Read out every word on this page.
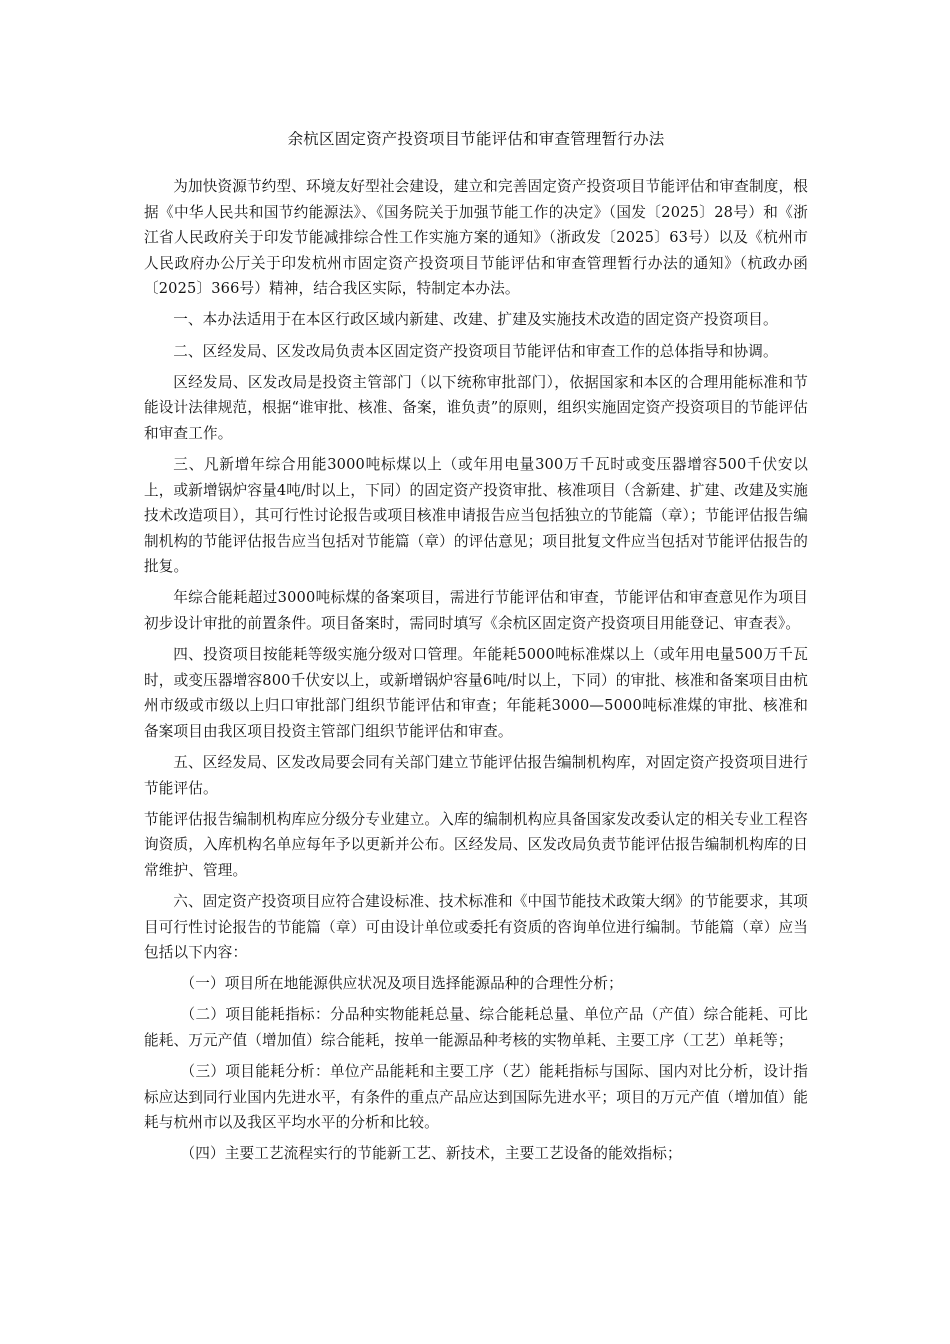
余杭区固定资产投资项目节能评估和审查管理暂行办法

为加快资源节约型、环境友好型社会建设，建立和完善固定资产投资项目节能评估和审查制度，根据《中华人民共和国节约能源法》、《国务院关于加强节能工作的决定》（国发〔2025〕28号）和《浙江省人民政府关于印发节能减排综合性工作实施方案的通知》（浙政发〔2025〕63号）以及《杭州市人民政府办公厅关于印发杭州市固定资产投资项目节能评估和审查管理暂行办法的通知》（杭政办函〔2025〕366号）精神，结合我区实际，特制定本办法。

一、本办法适用于在本区行政区域内新建、改建、扩建及实施技术改造的固定资产投资项目。

二、区经发局、区发改局负责本区固定资产投资项目节能评估和审查工作的总体指导和协调。

区经发局、区发改局是投资主管部门（以下统称审批部门），依据国家和本区的合理用能标准和节能设计法律规范，根据“谁审批、核准、备案，谁负责”的原则，组织实施固定资产投资项目的节能评估和审查工作。

三、凡新增年综合用能3000吨标煤以上（或年用电量300万千瓦时或变压器增容500千伏安以上，或新增锅炉容量4吨/时以上，下同）的固定资产投资审批、核准项目（含新建、扩建、改建及实施技术改造项目），其可行性讨论报告或项目核准申请报告应当包括独立的节能篇（章）；节能评估报告编制机构的节能评估报告应当包括对节能篇（章）的评估意见；项目批复文件应当包括对节能评估报告的批复。

年综合能耗超过3000吨标煤的备案项目，需进行节能评估和审查，节能评估和审查意见作为项目初步设计审批的前置条件。项目备案时，需同时填写《余杭区固定资产投资项目用能登记、审查表》。

四、投资项目按能耗等级实施分级对口管理。年能耗5000吨标准煤以上（或年用电量500万千瓦时，或变压器增容800千伏安以上，或新增锅炉容量6吨/时以上，下同）的审批、核准和备案项目由杭州市级或市级以上归口审批部门组织节能评估和审查；年能耗3000—5000吨标准煤的审批、核准和备案项目由我区项目投资主管部门组织节能评估和审查。

五、区经发局、区发改局要会同有关部门建立节能评估报告编制机构库，对固定资产投资项目进行节能评估。

节能评估报告编制机构库应分级分专业建立。入库的编制机构应具备国家发改委认定的相关专业工程咨询资质，入库机构名单应每年予以更新并公布。区经发局、区发改局负责节能评估报告编制机构库的日常维护、管理。

六、固定资产投资项目应符合建设标准、技术标准和《中国节能技术政策大纲》的节能要求，其项目可行性讨论报告的节能篇（章）可由设计单位或委托有资质的咨询单位进行编制。节能篇（章）应当包括以下内容：

（一）项目所在地能源供应状况及项目选择能源品种的合理性分析；

（二）项目能耗指标：分品种实物能耗总量、综合能耗总量、单位产品（产值）综合能耗、可比能耗、万元产值（增加值）综合能耗，按单一能源品种考核的实物单耗、主要工序（工艺）单耗等；

（三）项目能耗分析：单位产品能耗和主要工序（艺）能耗指标与国际、国内对比分析，设计指标应达到同行业国内先进水平，有条件的重点产品应达到国际先进水平；项目的万元产值（增加值）能耗与杭州市以及我区平均水平的分析和比较。

（四）主要工艺流程实行的节能新工艺、新技术，主要工艺设备的能效指标；
